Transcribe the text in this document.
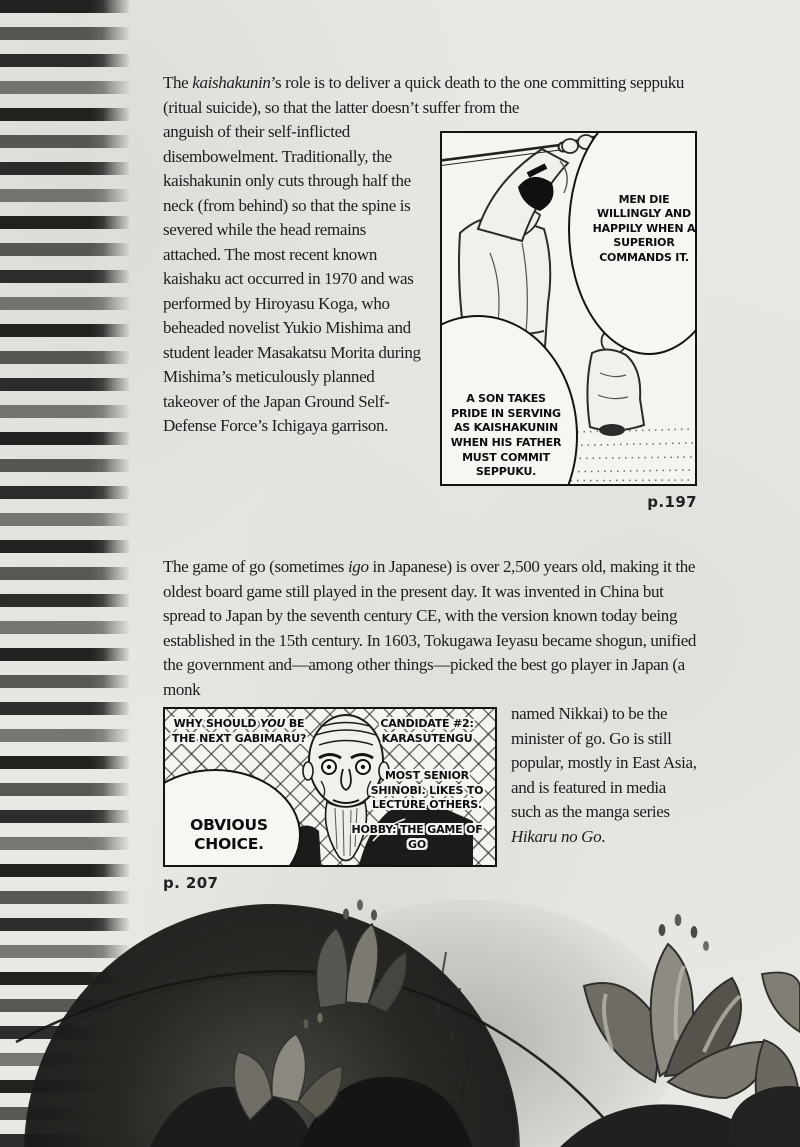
The kaishakunin’s role is to deliver a quick death to the one committing seppuku (ritual suicide), so that the latter doesn’t suffer from the
MEN DIE WILLINGLY AND HAPPILY WHEN A SUPERIOR COMMANDS IT.
A SON TAKES PRIDE IN SERVING AS KAISHAKUNIN WHEN HIS FATHER MUST COMMIT SEPPUKU.
p.197
anguish of their self-inflicted disembowelment. Traditionally, the kaishakunin only cuts through half the neck (from behind) so that the spine is severed while the head remains attached. The most recent known kaishaku act occurred in 1970 and was performed by Hiroyasu Koga, who beheaded novelist Yukio Mishima and student leader Masakatsu Morita during Mishima’s meticulously planned takeover of the Japan Ground Self-Defense Force’s Ichigaya garrison.
The game of go (sometimes igo in Japanese) is over 2,500 years old, making it the oldest board game still played in the present day. It was invented in China but spread to Japan by the seventh century CE, with the version known today being established in the 15th century. In 1603, Tokugawa Ieyasu became shogun, unified the government and—among other things—picked the best go player in Japan (a monk
OBVIOUS CHOICE.
WHY SHOULD YOU BE THE NEXT GABIMARU?
CANDIDATE #2: KARASUTENGU
MOST SENIOR SHINOBI. LIKES TO LECTURE OTHERS.
HOBBY: THE GAME OF GO
p. 207
named Nikkai) to be the minister of go. Go is still popular, mostly in East Asia, and is featured in media such as the manga series Hikaru no Go.
